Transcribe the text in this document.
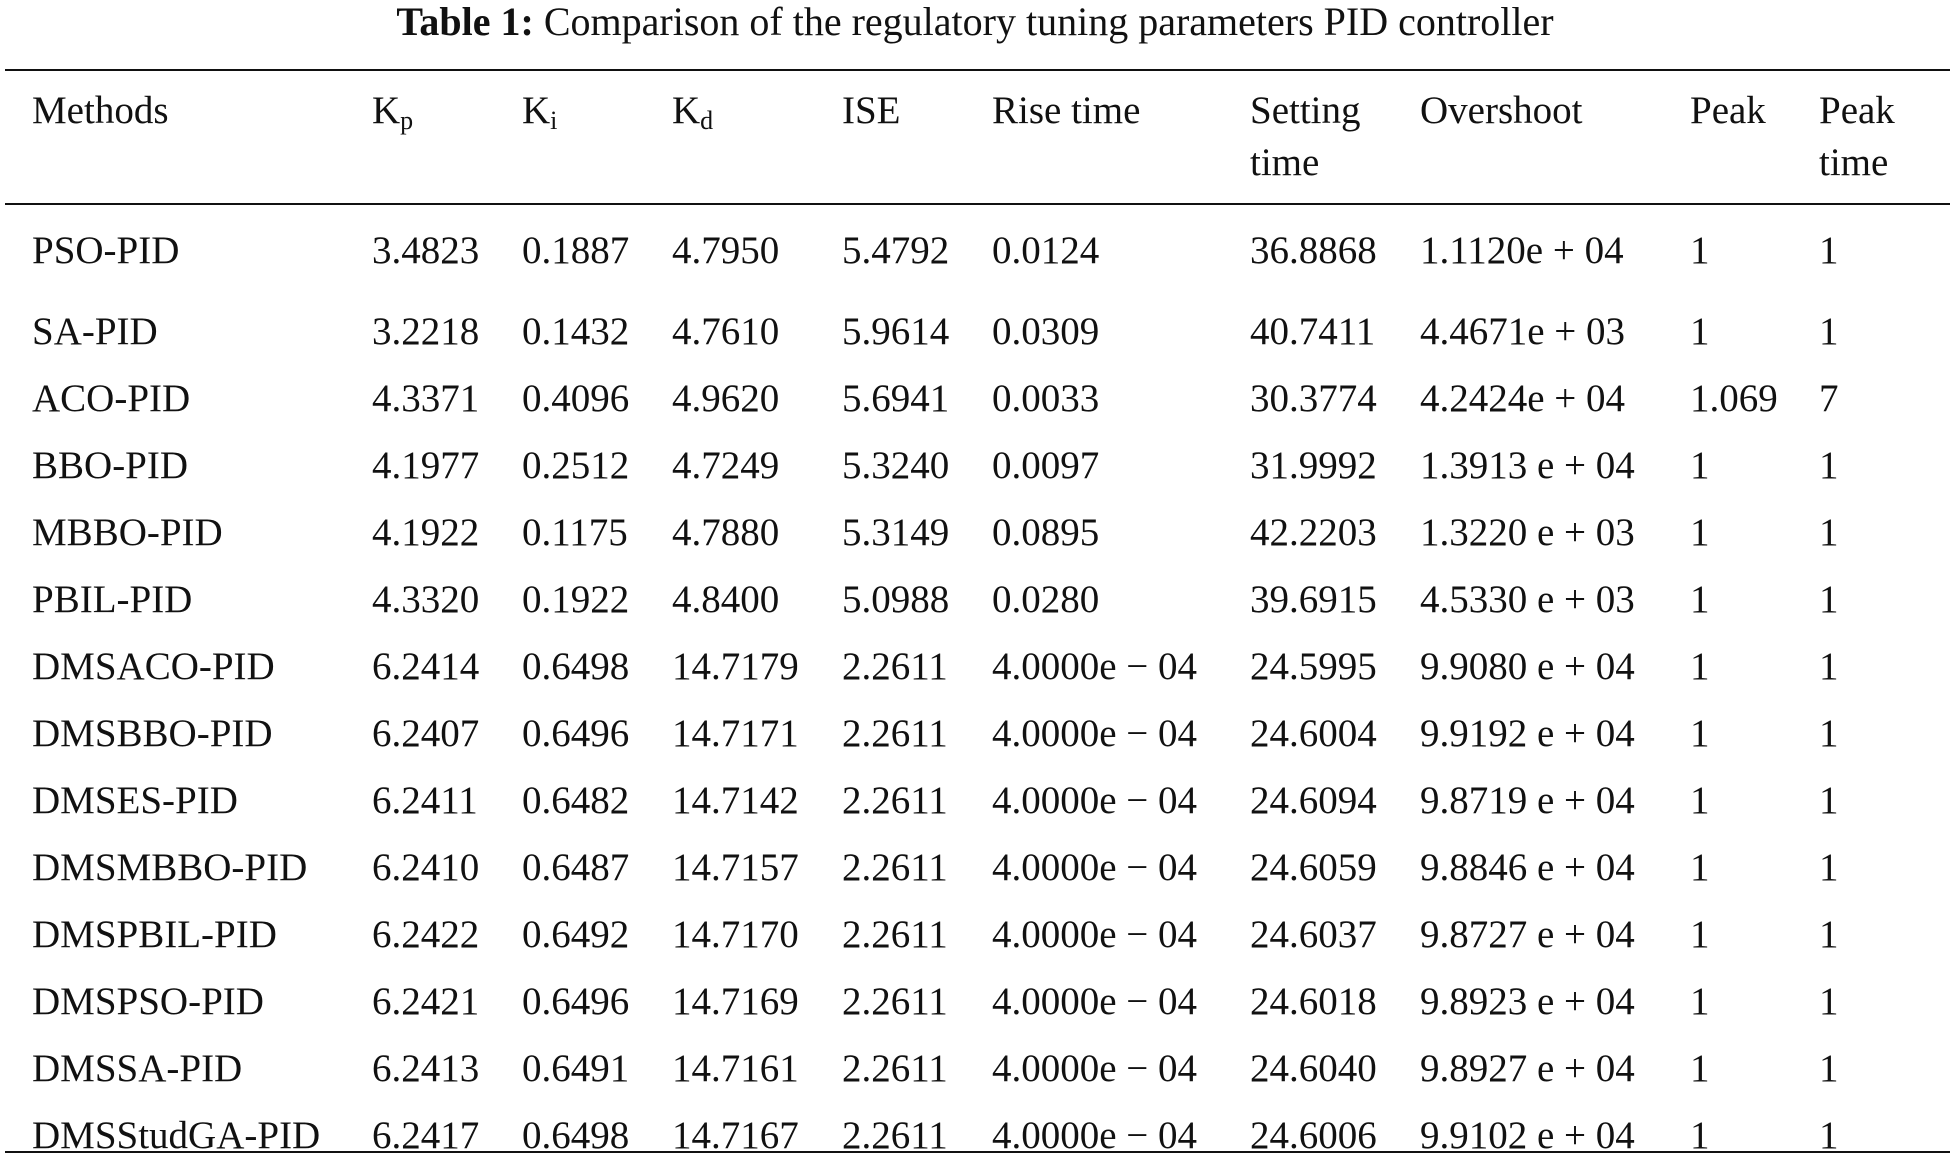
Table 1: Comparison of the regulatory tuning parameters PID controller
Methods	$K_p$	$K_i$	$K_d$	ISE	Rise time	Setting time	Overshoot	Peak	Peak time
PSO-PID	3.4823	0.1887	4.7950	5.4792	0.0124	36.8868	1.1120e + 04	1	1
SA-PID	3.2218	0.1432	4.7610	5.9614	0.0309	40.7411	4.4671e + 03	1	1
ACO-PID	4.3371	0.4096	4.9620	5.6941	0.0033	30.3774	4.2424e + 04	1.069	7
BBO-PID	4.1977	0.2512	4.7249	5.3240	0.0097	31.9992	1.3913 e + 04	1	1
MBBO-PID	4.1922	0.1175	4.7880	5.3149	0.0895	42.2203	1.3220 e + 03	1	1
PBIL-PID	4.3320	0.1922	4.8400	5.0988	0.0280	39.6915	4.5330 e + 03	1	1
DMSACO-PID	6.2414	0.6498	14.7179	2.2611	4.0000e − 04	24.5995	9.9080 e + 04	1	1
DMSBBO-PID	6.2407	0.6496	14.7171	2.2611	4.0000e − 04	24.6004	9.9192 e + 04	1	1
DMSES-PID	6.2411	0.6482	14.7142	2.2611	4.0000e − 04	24.6094	9.8719 e + 04	1	1
DMSMBBO-PID	6.2410	0.6487	14.7157	2.2611	4.0000e − 04	24.6059	9.8846 e + 04	1	1
DMSPBIL-PID	6.2422	0.6492	14.7170	2.2611	4.0000e − 04	24.6037	9.8727 e + 04	1	1
DMSPSO-PID	6.2421	0.6496	14.7169	2.2611	4.0000e − 04	24.6018	9.8923 e + 04	1	1
DMSSA-PID	6.2413	0.6491	14.7161	2.2611	4.0000e − 04	24.6040	9.8927 e + 04	1	1
DMSStudGA-PID	6.2417	0.6498	14.7167	2.2611	4.0000e − 04	24.6006	9.9102 e + 04	1	1
